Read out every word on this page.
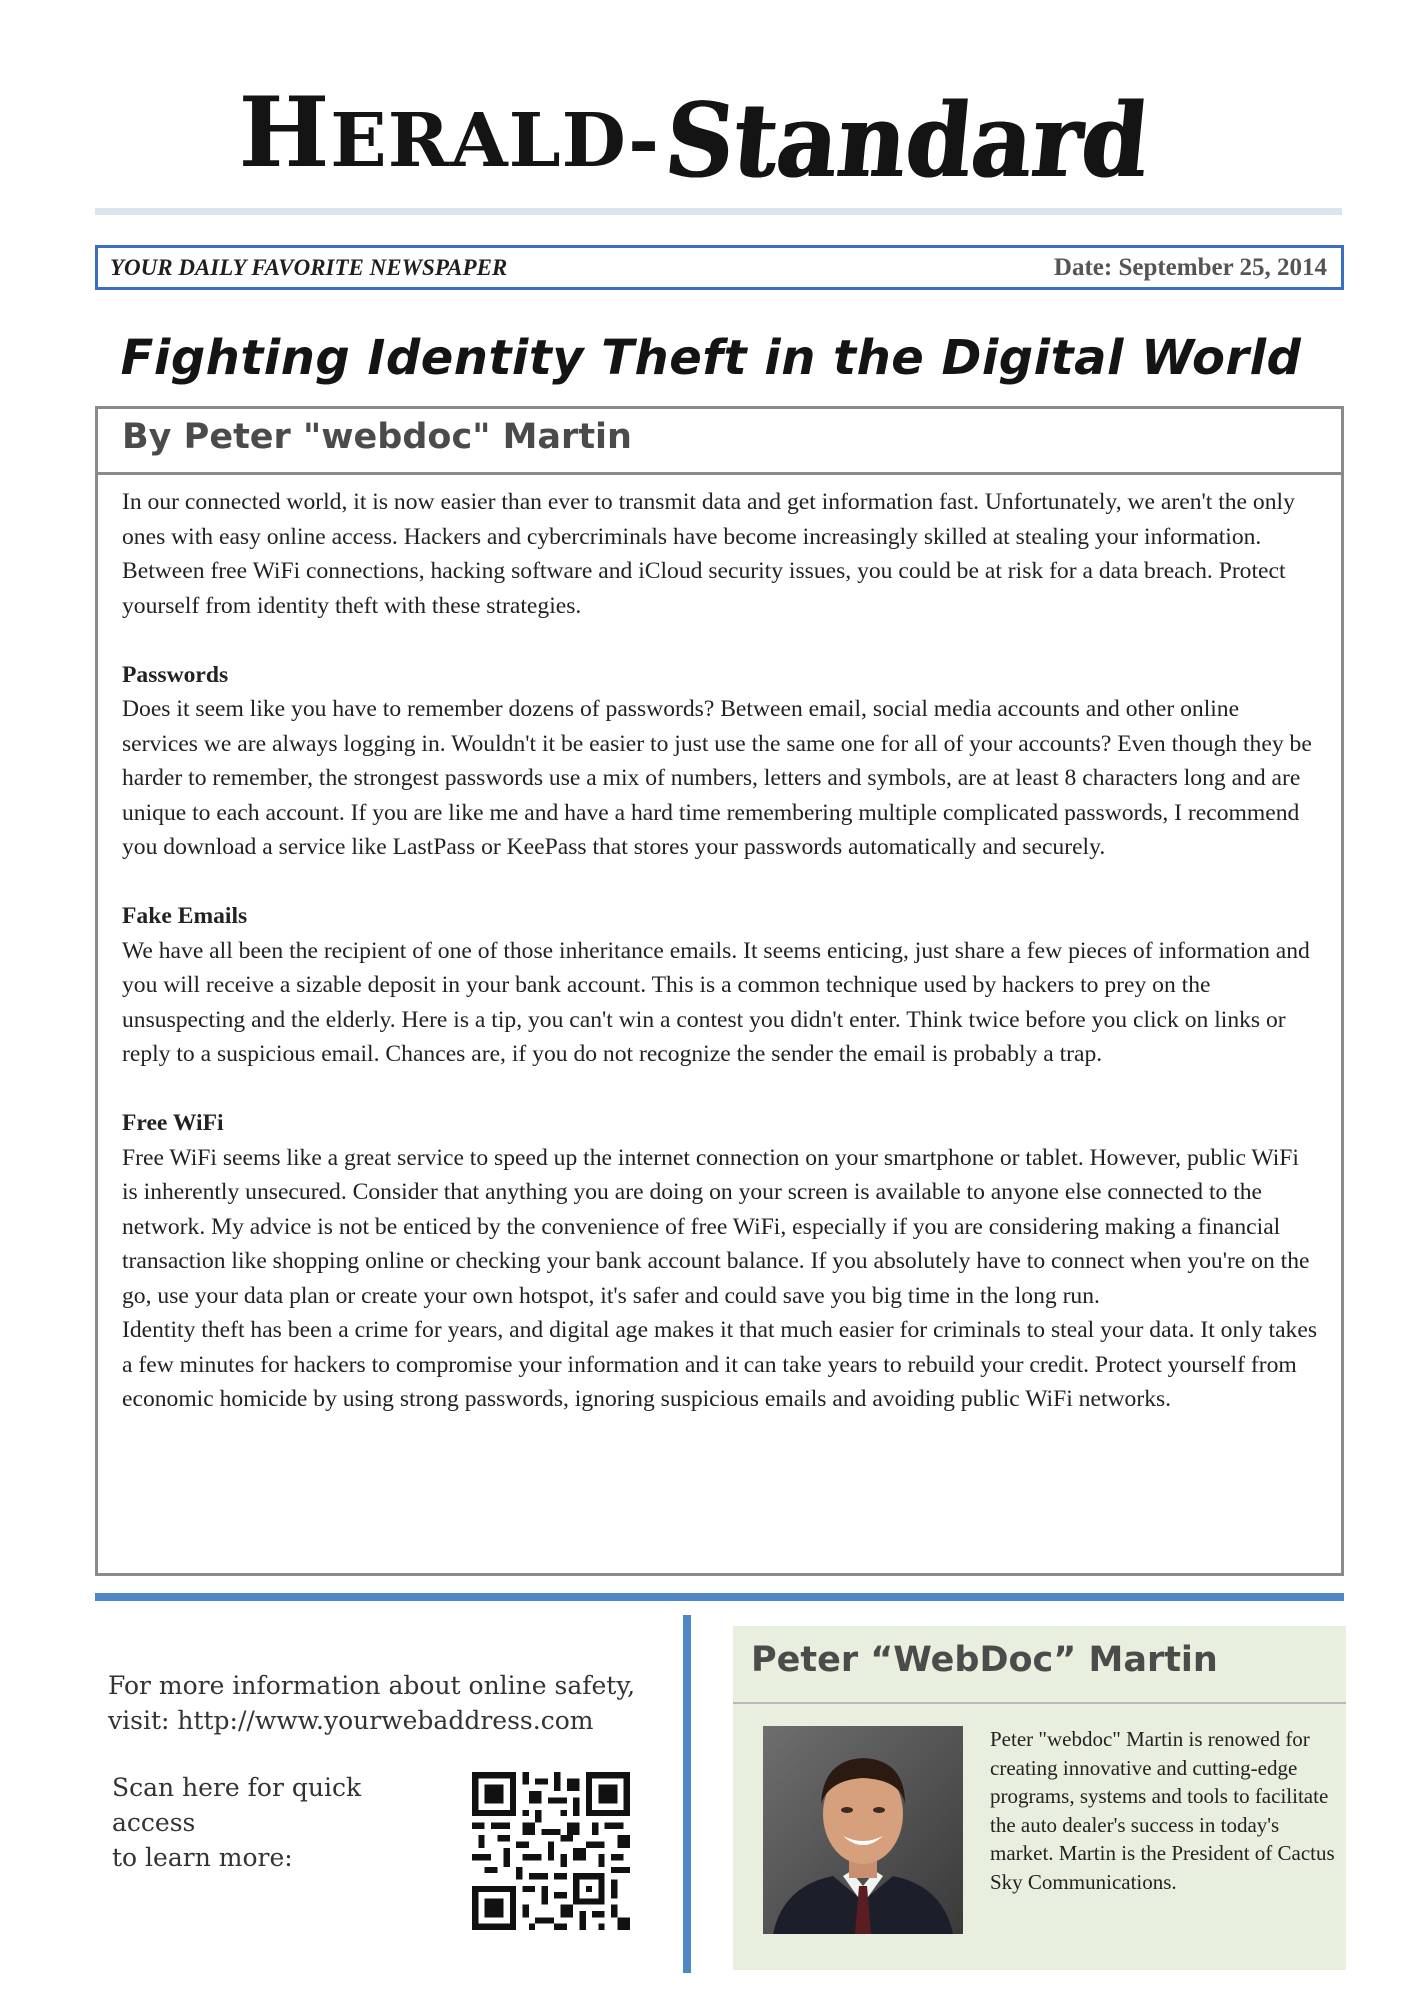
HERALD-Standard
YOUR DAILY FAVORITE NEWSPAPER	Date: September 25, 2014
Fighting Identity Theft in the Digital World
By Peter "webdoc" Martin

In our connected world, it is now easier than ever to transmit data and get information fast. Unfortunately, we aren't the only ones with easy online access. Hackers and cybercriminals have become increasingly skilled at stealing your information. Between free WiFi connections, hacking software and iCloud security issues, you could be at risk for a data breach. Protect yourself from identity theft with these strategies.

Passwords

Does it seem like you have to remember dozens of passwords? Between email, social media accounts and other online services we are always logging in. Wouldn't it be easier to just use the same one for all of your accounts? Even though they be harder to remember, the strongest passwords use a mix of numbers, letters and symbols, are at least 8 characters long and are unique to each account. If you are like me and have a hard time remembering multiple complicated passwords, I recommend you download a service like LastPass or KeePass that stores your passwords automatically and securely.

Fake Emails

We have all been the recipient of one of those inheritance emails. It seems enticing, just share a few pieces of information and you will receive a sizable deposit in your bank account. This is a common technique used by hackers to prey on the unsuspecting and the elderly. Here is a tip, you can't win a contest you didn't enter. Think twice before you click on links or reply to a suspicious email. Chances are, if you do not recognize the sender the email is probably a trap.

Free WiFi

Free WiFi seems like a great service to speed up the internet connection on your smartphone or tablet. However, public WiFi is inherently unsecured. Consider that anything you are doing on your screen is available to anyone else connected to the network. My advice is not be enticed by the convenience of free WiFi, especially if you are considering making a financial transaction like shopping online or checking your bank account balance. If you absolutely have to connect when you're on the go, use your data plan or create your own hotspot, it's safer and could save you big time in the long run.

Identity theft has been a crime for years, and digital age makes it that much easier for criminals to steal your data. It only takes a few minutes for hackers to compromise your information and it can take years to rebuild your credit. Protect yourself from economic homicide by using strong passwords, ignoring suspicious emails and avoiding public WiFi networks.

For more information about online safety,
visit: http://www.yourwebaddress.com
Scan here for quick access
to learn more:
Peter “WebDoc” Martin
Peter "webdoc" Martin is renowed for creating innovative and cutting-edge programs, systems and tools to facilitate the auto dealer's success in today's market. Martin is the President of Cactus Sky Communications.
